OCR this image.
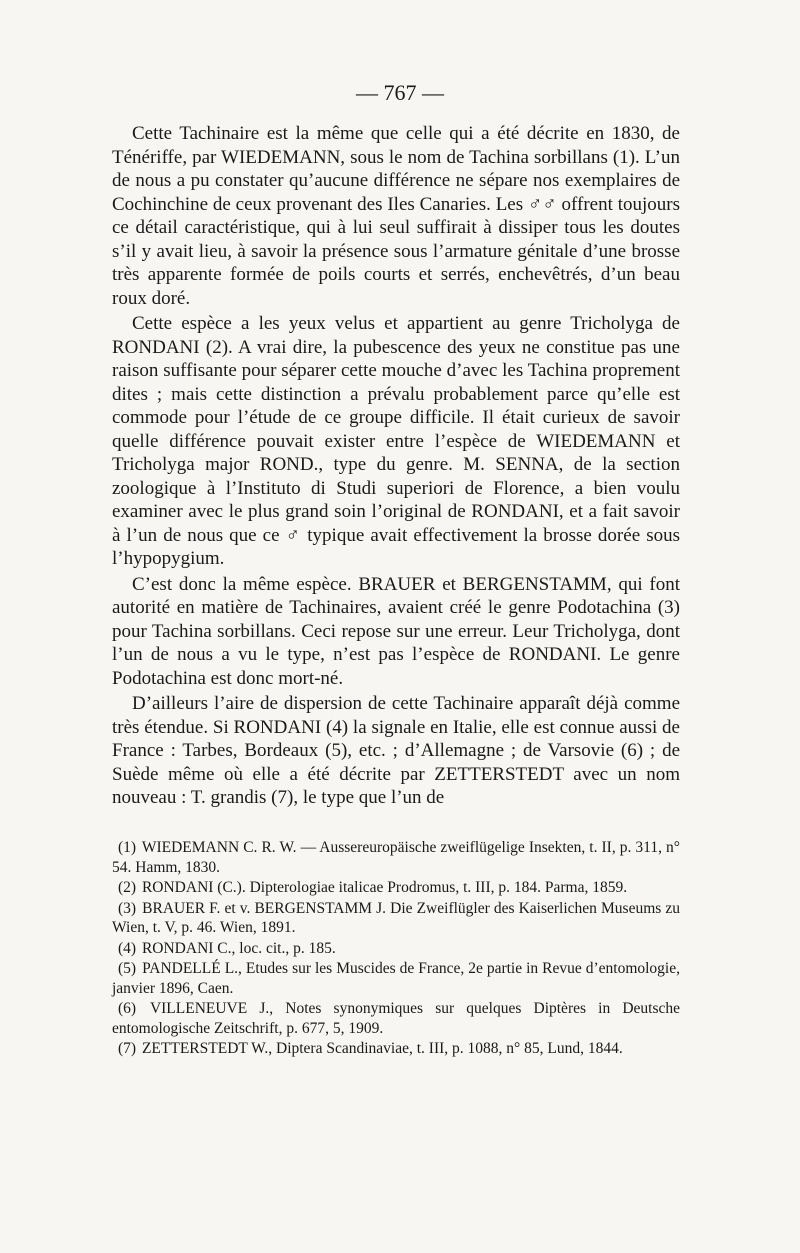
— 767 —

Cette Tachinaire est la même que celle qui a été décrite en 1830, de Ténériffe, par WIEDEMANN, sous le nom de Tachina sorbillans (1). L’un de nous a pu constater qu’aucune différence ne sépare nos exemplaires de Cochinchine de ceux provenant des Iles Canaries. Les ♂♂ offrent toujours ce détail caractéristique, qui à lui seul suffirait à dissiper tous les doutes s’il y avait lieu, à savoir la présence sous l’armature génitale d’une brosse très apparente formée de poils courts et serrés, enchevêtrés, d’un beau roux doré.

Cette espèce a les yeux velus et appartient au genre Tricholyga de RONDANI (2). A vrai dire, la pubescence des yeux ne constitue pas une raison suffisante pour séparer cette mouche d’avec les Tachina proprement dites ; mais cette distinction a prévalu probablement parce qu’elle est commode pour l’étude de ce groupe difficile. Il était curieux de savoir quelle différence pouvait exister entre l’espèce de WIEDEMANN et Tricholyga major ROND., type du genre. M. SENNA, de la section zoologique à l’Instituto di Studi superiori de Florence, a bien voulu examiner avec le plus grand soin l’original de RONDANI, et a fait savoir à l’un de nous que ce ♂ typique avait effectivement la brosse dorée sous l’hypopygium.

C’est donc la même espèce. BRAUER et BERGENSTAMM, qui font autorité en matière de Tachinaires, avaient créé le genre Podotachina (3) pour Tachina sorbillans. Ceci repose sur une erreur. Leur Tricholyga, dont l’un de nous a vu le type, n’est pas l’espèce de RONDANI. Le genre Podotachina est donc mort-né.

D’ailleurs l’aire de dispersion de cette Tachinaire apparaît déjà comme très étendue. Si RONDANI (4) la signale en Italie, elle est connue aussi de France : Tarbes, Bordeaux (5), etc. ; d’Allemagne ; de Varsovie (6) ; de Suède même où elle a été décrite par ZETTERSTEDT avec un nom nouveau : T. grandis (7), le type que l’un de

(1) WIEDEMANN C. R. W. — Aussereuropäische zweiflügelige Insekten, t. II, p. 311, n° 54. Hamm, 1830.
(2) RONDANI (C.). Dipterologiae italicae Prodromus, t. III, p. 184. Parma, 1859.
(3) BRAUER F. et v. BERGENSTAMM J. Die Zweiflügler des Kaiserlichen Museums zu Wien, t. V, p. 46. Wien, 1891.
(4) RONDANI C., loc. cit., p. 185.
(5) PANDELLÉ L., Etudes sur les Muscides de France, 2e partie in Revue d’entomologie, janvier 1896, Caen.
(6) VILLENEUVE J., Notes synonymiques sur quelques Diptères in Deutsche entomologische Zeitschrift, p. 677, 5, 1909.
(7) ZETTERSTEDT W., Diptera Scandinaviae, t. III, p. 1088, n° 85, Lund, 1844.
